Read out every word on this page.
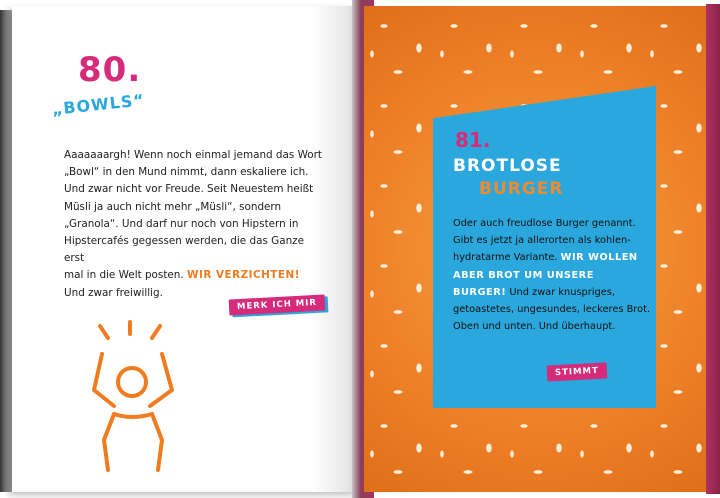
80.
„BOWLS“

Aaaaaaargh! Wenn noch einmal jemand das Wort

„Bowl“ in den Mund nimmt, dann eskaliere ich.

Und zwar nicht vor Freude. Seit Neuestem heißt

Müsli ja auch nicht mehr „Müsli“, sondern

„Granola“. Und darf nur noch von Hipstern in

Hipstercafés gegessen werden, die das Ganze erst

mal in die Welt posten. WIR VERZICHTEN!

Und zwar freiwillig.

MERK ICH MIR
81.
BROTLOSE
BURGER

Oder auch freudlose Burger genannt.

Gibt es jetzt ja allerorten als kohlen-

hydratarme Variante. WIR WOLLEN

ABER BROT UM UNSERE

BURGER! Und zwar knuspriges,

getoastetes, ungesundes, leckeres Brot.

Oben und unten. Und überhaupt.

STIMMT
